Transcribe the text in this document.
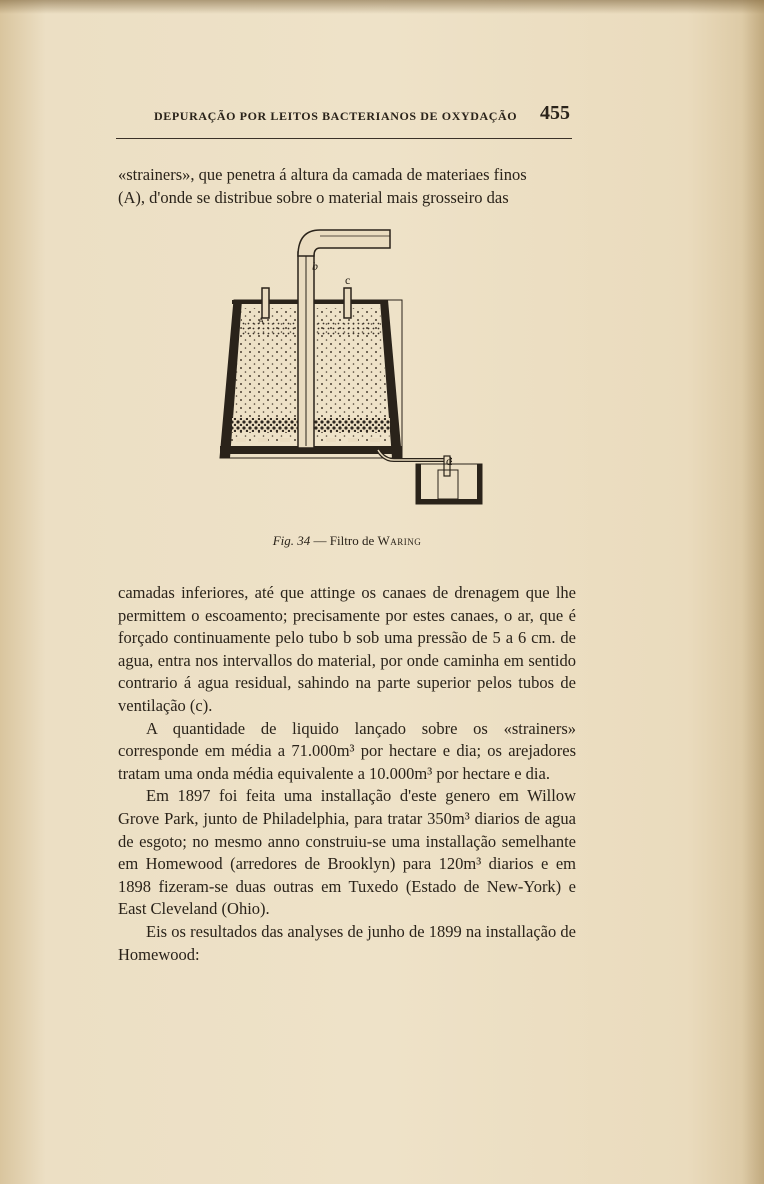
DEPURAÇÃO POR LEITOS BACTERIANOS DE OXYDAÇÃO 455

«strainers», que penetra á altura da camada de materiaes finos

(A), d'onde se distribue sobre o material mais grosseiro das

b
c
A
d
Fig. 34 — Filtro de Waring

camadas inferiores, até que attinge os canaes de drenagem que lhe permittem o escoamento; precisamente por estes canaes, o ar, que é forçado continuamente pelo tubo b sob uma pressão de 5 a 6 cm. de agua, entra nos intervallos do material, por onde caminha em sentido contrario á agua residual, sahindo na parte superior pelos tubos de ventilação (c).

A quantidade de liquido lançado sobre os «strainers» corresponde em média a 71.000m³ por hectare e dia; os arejadores tratam uma onda média equivalente a 10.000m³ por hectare e dia.

Em 1897 foi feita uma installação d'este genero em Willow Grove Park, junto de Philadelphia, para tratar 350m³ diarios de agua de esgoto; no mesmo anno construiu-se uma installação semelhante em Homewood (arredores de Brooklyn) para 120m³ diarios e em 1898 fizeram-se duas outras em Tuxedo (Estado de New-York) e East Cleveland (Ohio).

Eis os resultados das analyses de junho de 1899 na installação de Homewood:
